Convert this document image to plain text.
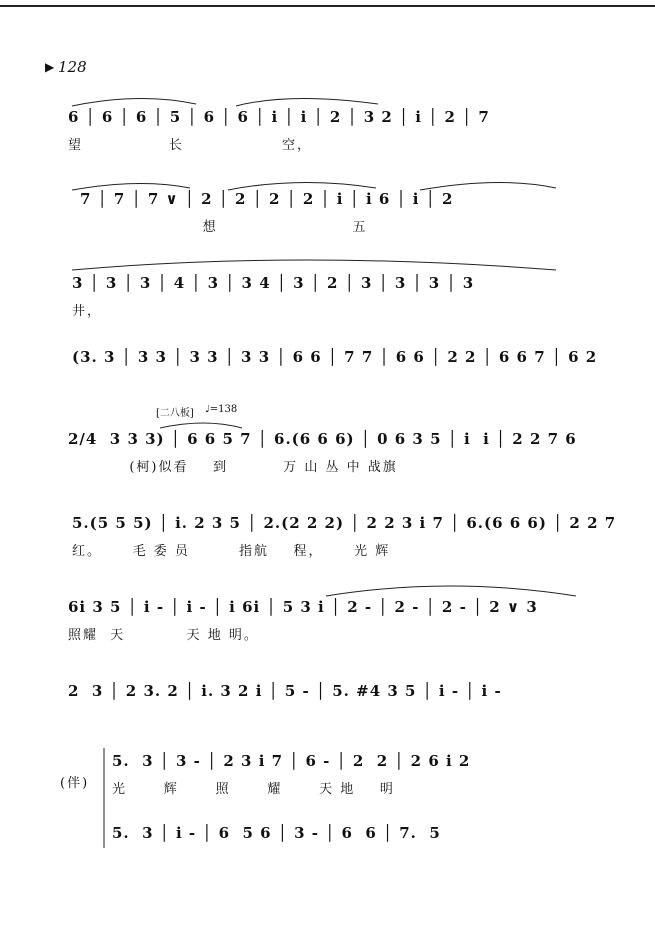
▶ 128
[二八板] ♩=138
6 │ 6 │ 6 │ 5 │ 6 │ 6 │ i │ i │ 2 │ 3 2 │ i │ 2 │ 7
望              长                空，
7 │ 7 │ 7 ∨ │ 2 │ 2 │ 2 │ 2 │ i │ i 6 │ i │ 2
想                      五
3 │ 3 │ 3 │ 4 │ 3 │ 3 4 │ 3 │ 2 │ 3 │ 3 │ 3 │ 3
井，
(3. 3 │ 3 3 │ 3 3 │ 3 3 │ 6 6 │ 7 7 │ 6 6 │ 2 2 │ 6 6 7 │ 6 2
2/4  3 3 3) │ 6 6 5 7 │ 6.(6 6 6) │ 0 6 3 5 │ i  i │ 2 2 7 6
(柯)似看    到         万 山 丛 中 战旗
5.(5 5 5) │ i. 2 3 5 │ 2.(2 2 2) │ 2 2 3 i 7 │ 6.(6 6 6) │ 2 2 7
红。     毛 委 员        指航    程，     光 辉
6i 3 5 │ i - │ i - │ i 6i │ 5 3 i │ 2 - │ 2 - │ 2 - │ 2 ∨ 3
照耀  天          天 地 明。
2  3 │ 2 3. 2 │ i. 3 2 i │ 5 - │ 5. #4 3 5 │ i - │ i -
5.  3 │ 3 - │ 2 3 i 7 │ 6 - │ 2  2 │ 2 6 i 2
光      辉      照      耀      天 地    明
(伴)
5.  3 │ i - │ 6  5 6 │ 3 - │ 6  6 │ 7.  5
